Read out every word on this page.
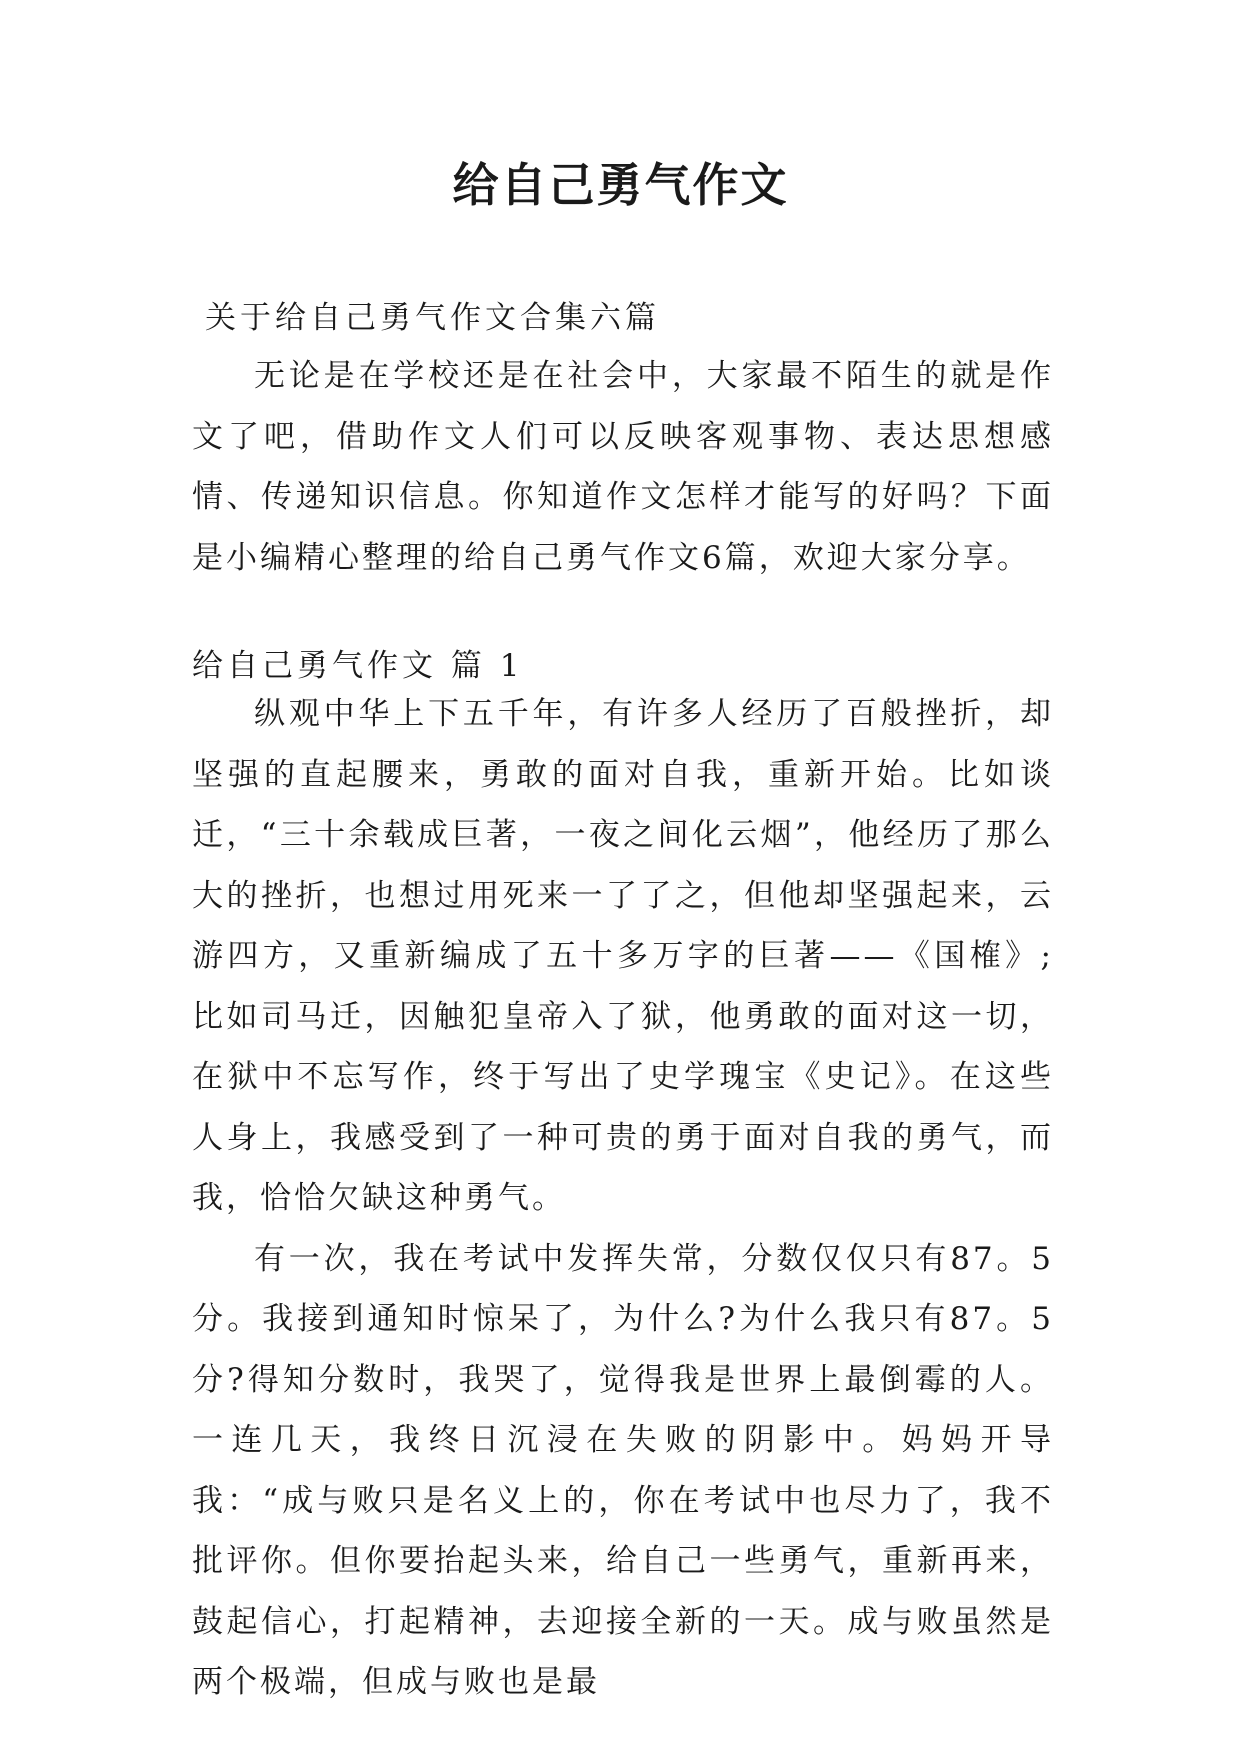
给自己勇气作文
关于给自己勇气作文合集六篇

无论是在学校还是在社会中，大家最不陌生的就是作文了吧，借助作文人们可以反映客观事物、表达思想感情、传递知识信息。你知道作文怎样才能写的好吗？下面是小编精心整理的给自己勇气作文6篇，欢迎大家分享。

给自己勇气作文 篇 1

纵观中华上下五千年，有许多人经历了百般挫折，却坚强的直起腰来，勇敢的面对自我，重新开始。比如谈迁，“三十余载成巨著，一夜之间化云烟”，他经历了那么大的挫折，也想过用死来一了了之，但他却坚强起来，云游四方，又重新编成了五十多万字的巨著——《国榷》;比如司马迁，因触犯皇帝入了狱，他勇敢的面对这一切，在狱中不忘写作，终于写出了史学瑰宝《史记》。在这些人身上，我感受到了一种可贵的勇于面对自我的勇气，而我，恰恰欠缺这种勇气。

有一次，我在考试中发挥失常，分数仅仅只有87。5分。我接到通知时惊呆了，为什么?为什么我只有87。5分?得知分数时，我哭了，觉得我是世界上最倒霉的人。一连几天，我终日沉浸在失败的阴影中。妈妈开导我：“成与败只是名义上的，你在考试中也尽力了，我不批评你。但你要抬起头来，给自己一些勇气，重新再来，鼓起信心，打起精神，去迎接全新的一天。成与败虽然是两个极端，但成与败也是最
